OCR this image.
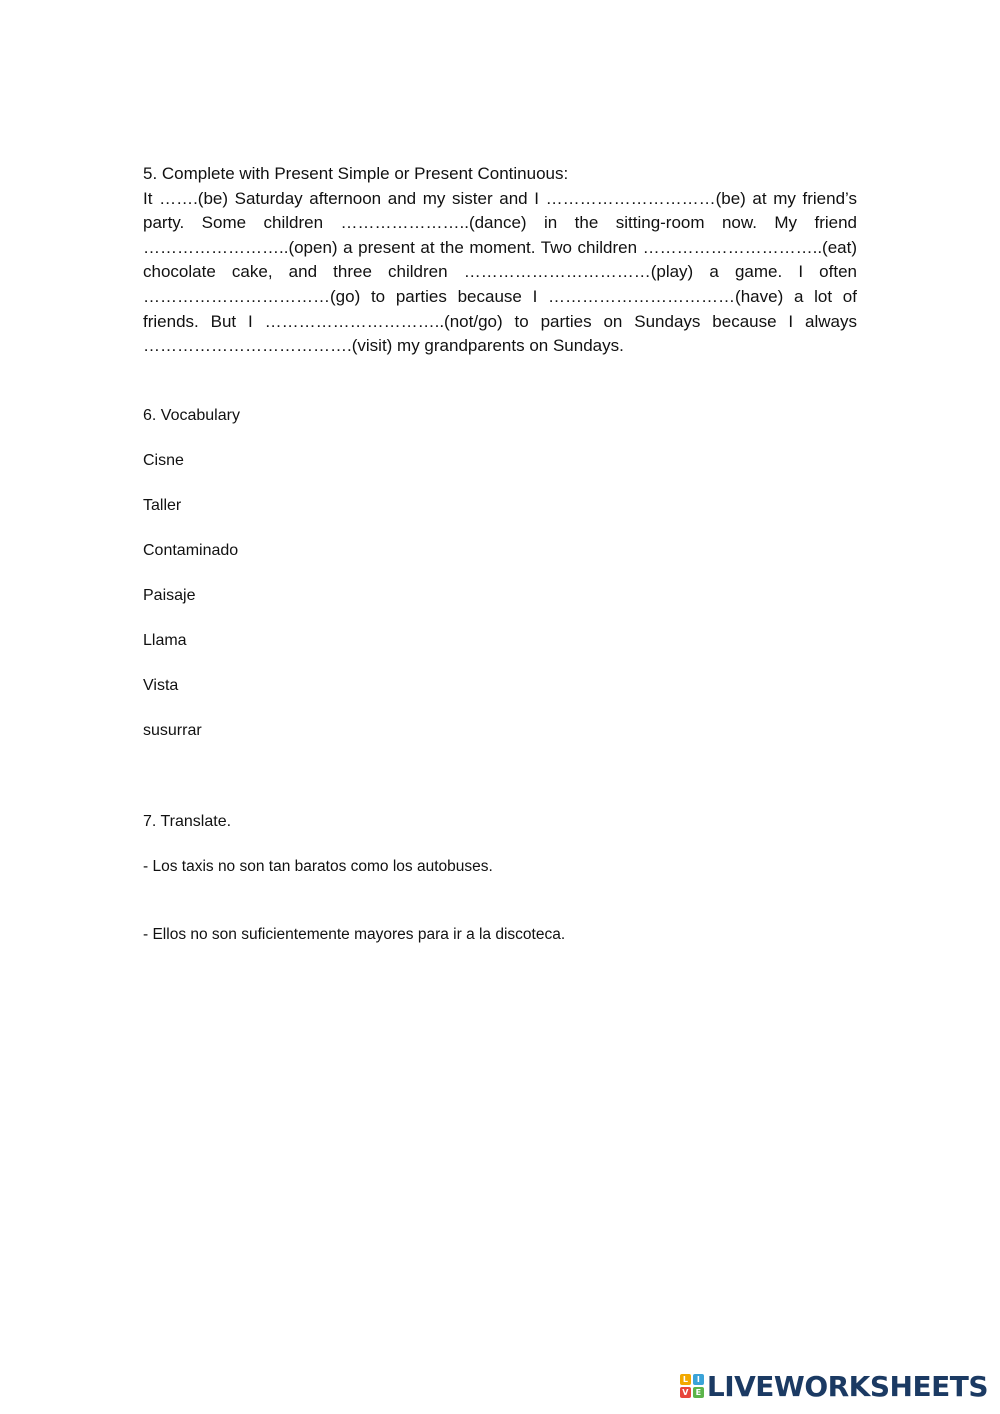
5. Complete with Present Simple or Present Continuous:

It …….(be) Saturday afternoon and my sister and I …………………………(be) at my friend’s party. Some children …………………..(dance) in the sitting-room now. My friend ……………………..(open) a present at the moment. Two children …………………………..(eat) chocolate cake, and three children ……………………………(play) a game. I often ……………………………(go) to parties because I ……………………………(have) a lot of friends. But I …………………………..(not/go) to parties on Sundays because I always ……………………………….(visit) my grandparents on Sundays.

6. Vocabulary

Cisne
Taller
Contaminado
Paisaje
Llama
Vista
susurrar

7. Translate.

- Los taxis no son tan baratos como los autobuses.

- Ellos no son suficientemente mayores para ir a la discoteca.

L	I
V E LIVEWORKSHEETS
